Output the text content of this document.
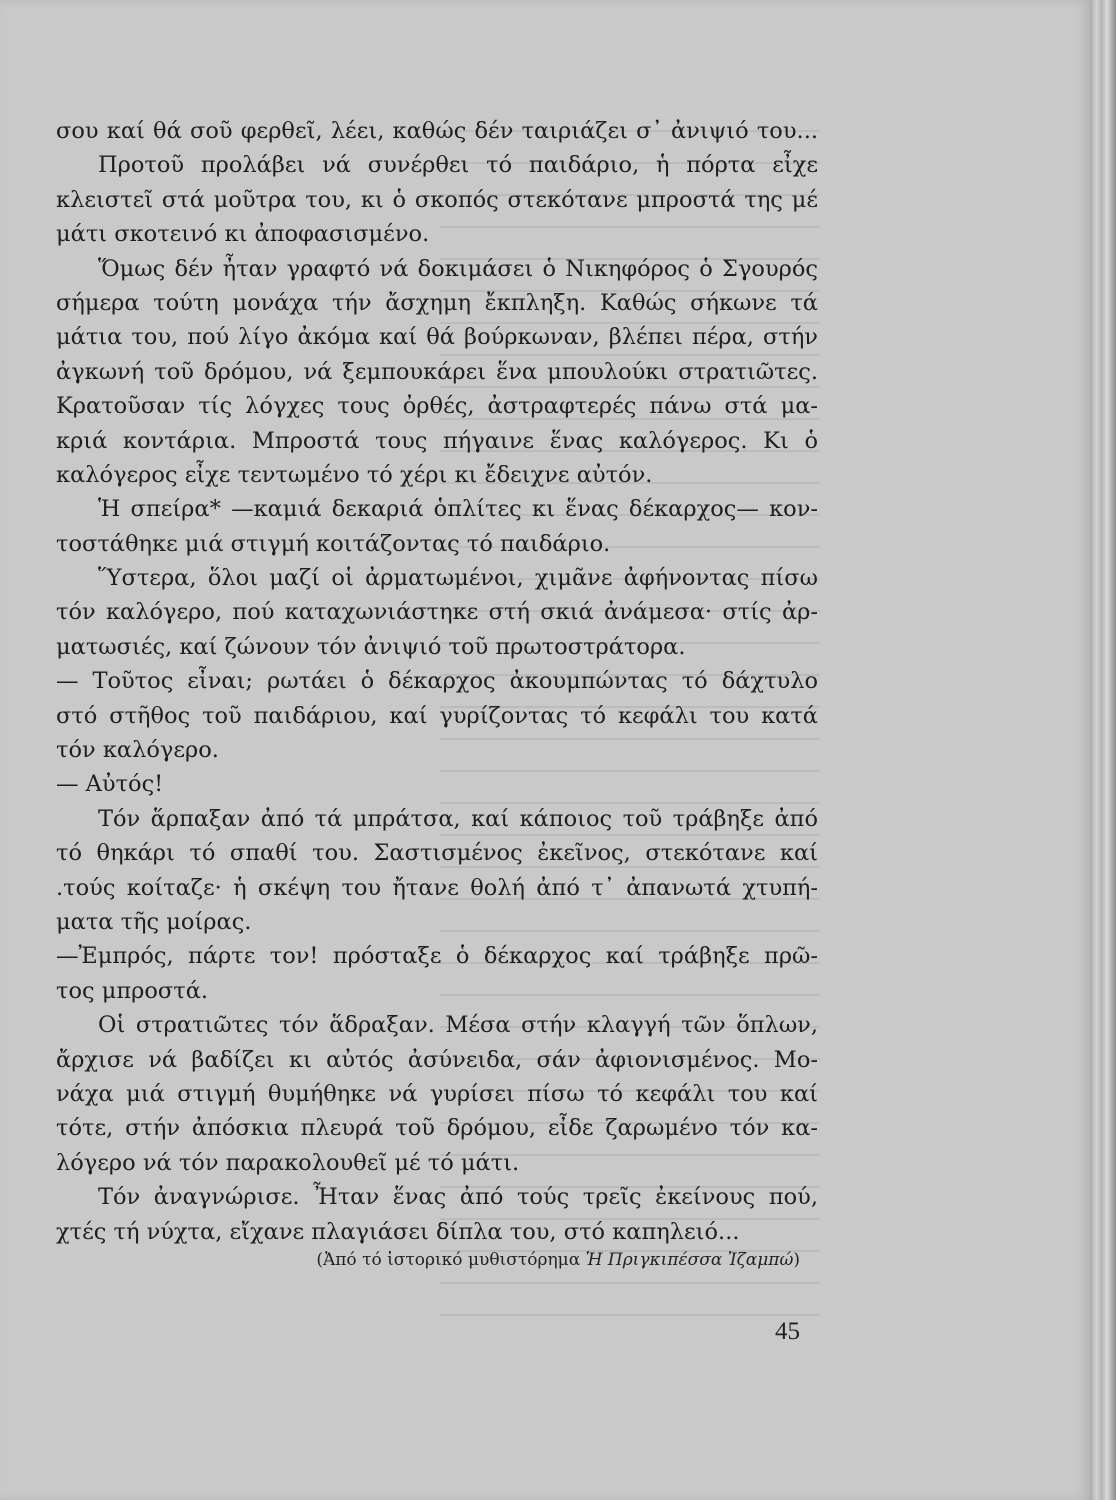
σου καί θά σοῦ φερθεῖ, λέει, καθώς δέν ταιριάζει σ᾽ ἀνιψιό του...
Προτοῦ προλάβει νά συνέρθει τό παιδάριο, ἡ πόρτα εἶχε
κλειστεῖ στά μοῦτρα του, κι ὁ σκοπός στεκότανε μπροστά της μέ
μάτι σκοτεινό κι ἀποφασισμένο.
Ὅμως δέν ἦταν γραφτό νά δοκιμάσει ὁ Νικηφόρος ὁ Σγουρός
σήμερα τούτη μονάχα τήν ἄσχημη ἔκπληξη. Καθώς σήκωνε τά
μάτια του, πού λίγο ἀκόμα καί θά βούρκωναν, βλέπει πέρα, στήν
ἀγκωνή τοῦ δρόμου, νά ξεμπουκάρει ἕνα μπουλούκι στρατιῶτες.
Κρατοῦσαν τίς λόγχες τους ὀρθές, ἀστραφτερές πάνω στά μα-
κριά κοντάρια. Μπροστά τους πήγαινε ἕνας καλόγερος. Κι ὁ
καλόγερος εἶχε τεντωμένο τό χέρι κι ἔδειχνε αὐτόν.
Ἡ σπείρα* —καμιά δεκαριά ὁπλίτες κι ἕνας δέκαρχος— κον-
τοστάθηκε μιά στιγμή κοιτάζοντας τό παιδάριο.
Ὕστερα, ὅλοι μαζί οἱ ἀρματωμένοι, χιμᾶνε ἀφήνοντας πίσω
τόν καλόγερο, πού καταχωνιάστηκε στή σκιά ἀνάμεσα· στίς ἀρ-
ματωσιές, καί ζώνουν τόν ἀνιψιό τοῦ πρωτοστράτορα.
— Τοῦτος εἶναι; ρωτάει ὁ δέκαρχος ἀκουμπώντας τό δάχτυλο
στό στῆθος τοῦ παιδάριου, καί γυρίζοντας τό κεφάλι του κατά
τόν καλόγερο.
— Αὐτός!
Τόν ἅρπαξαν ἀπό τά μπράτσα, καί κάποιος τοῦ τράβηξε ἀπό
τό θηκάρι τό σπαθί του. Σαστισμένος ἐκεῖνος, στεκότανε καί
.τούς κοίταζε· ἡ σκέψη του ἤτανε θολή ἀπό τ᾽ ἀπανωτά χτυπή-
ματα τῆς μοίρας.
—Ἐμπρός, πάρτε τον! πρόσταξε ὁ δέκαρχος καί τράβηξε πρῶ-
τος μπροστά.
Οἱ στρατιῶτες τόν ἅδραξαν. Μέσα στήν κλαγγή τῶν ὅπλων,
ἄρχισε νά βαδίζει κι αὐτός ἀσύνειδα, σάν ἀφιονισμένος. Μο-
νάχα μιά στιγμή θυμήθηκε νά γυρίσει πίσω τό κεφάλι του καί
τότε, στήν ἀπόσκια πλευρά τοῦ δρόμου, εἶδε ζαρωμένο τόν κα-
λόγερο νά τόν παρακολουθεῖ μέ τό μάτι.
Τόν ἀναγνώρισε. Ἦταν ἕνας ἀπό τούς τρεῖς ἐκείνους πού,
χτές τή νύχτα, εἴχανε πλαγιάσει δίπλα του, στό καπηλειό...
(Ἀπό τό ἱστορικό μυθιστόρημα Ἡ Πριγκιπέσσα Ἰζαμπώ)
45
